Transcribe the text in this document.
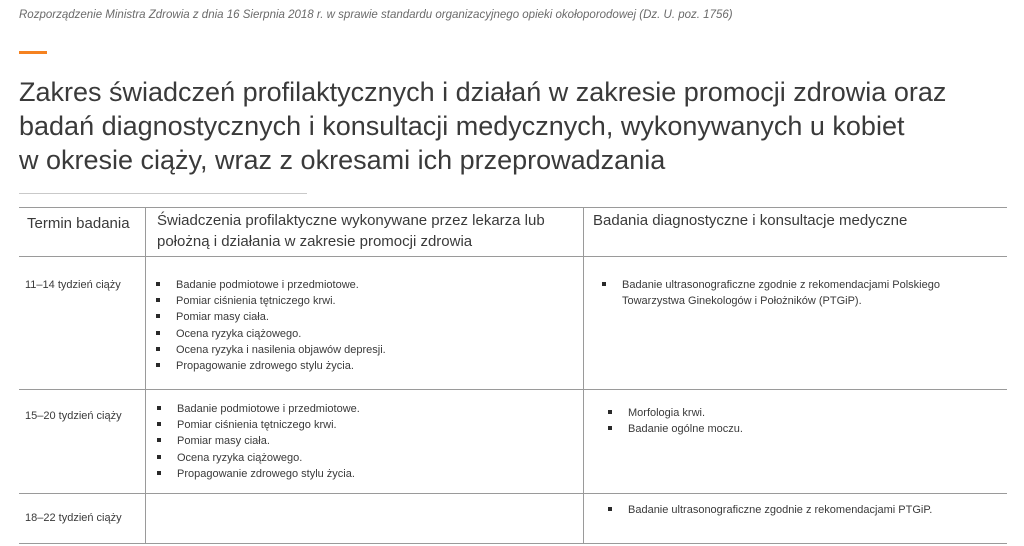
Rozporządzenie Ministra Zdrowia z dnia 16 Sierpnia 2018 r. w sprawie standardu organizacyjnego opieki okołoporodowej (Dz. U. poz. 1756)
Zakres świadczeń profilaktycznych i działań w zakresie promocji zdrowia oraz
badań diagnostycznych i konsultacji medycznych, wykonywanych u kobiet
w okresie ciąży, wraz z okresami ich przeprowadzania
Termin badania Świadczenia profilaktyczne wykonywane przez lekarza lub położną i działania w zakresie promocji zdrowia
Badania diagnostyczne i konsultacje medyczne
11–14 tydzień ciąży	Badanie podmiotowe i przedmiotowe.
Pomiar ciśnienia tętniczego krwi.
Pomiar masy ciała.
Ocena ryzyka ciążowego.
Ocena ryzyka i nasilenia objawów depresji.
Propagowanie zdrowego stylu życia.
Badanie ultrasonograficzne zgodnie z rekomendacjami Polskiego Towarzystwa Ginekologów i Położników (PTGiP).
15–20 tydzień ciąży
Badanie podmiotowe i przedmiotowe.
Pomiar ciśnienia tętniczego krwi.
Pomiar masy ciała.
Ocena ryzyka ciążowego.
Propagowanie zdrowego stylu życia.
Morfologia krwi.
Badanie ogólne moczu.
18–22 tydzień ciąży
Badanie ultrasonograficzne zgodnie z rekomendacjami PTGiP.
